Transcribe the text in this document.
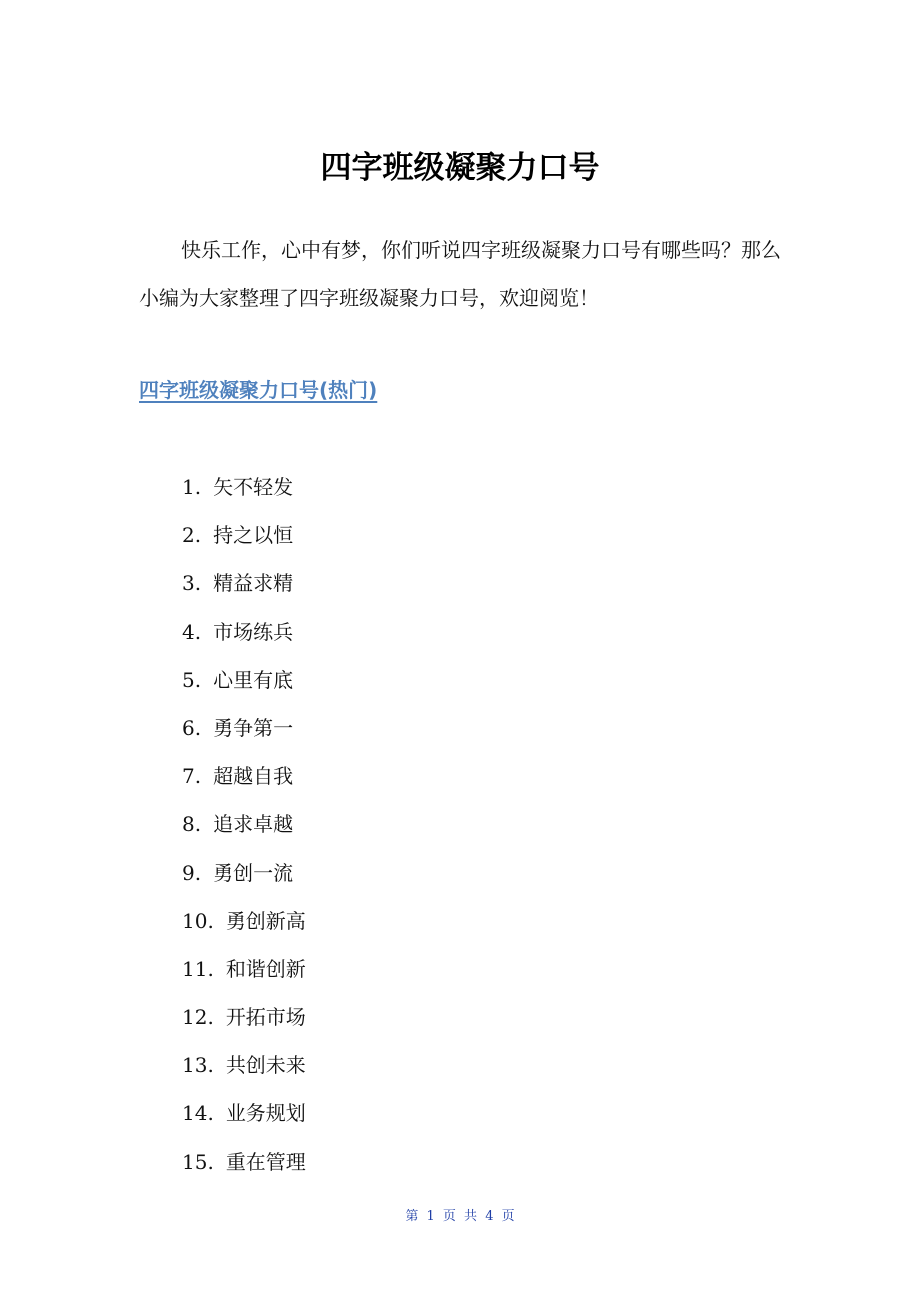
四字班级凝聚力口号

快乐工作，心中有梦，你们听说四字班级凝聚力口号有哪些吗？那么小编为大家整理了四字班级凝聚力口号，欢迎阅览！

四字班级凝聚力口号(热门)
1. 矢不轻发
2. 持之以恒
3. 精益求精
4. 市场练兵
5. 心里有底
6. 勇争第一
7. 超越自我
8. 追求卓越
9. 勇创一流
10. 勇创新高
11. 和谐创新
12. 开拓市场
13. 共创未来
14. 业务规划
15. 重在管理
第 1 页 共 4 页
